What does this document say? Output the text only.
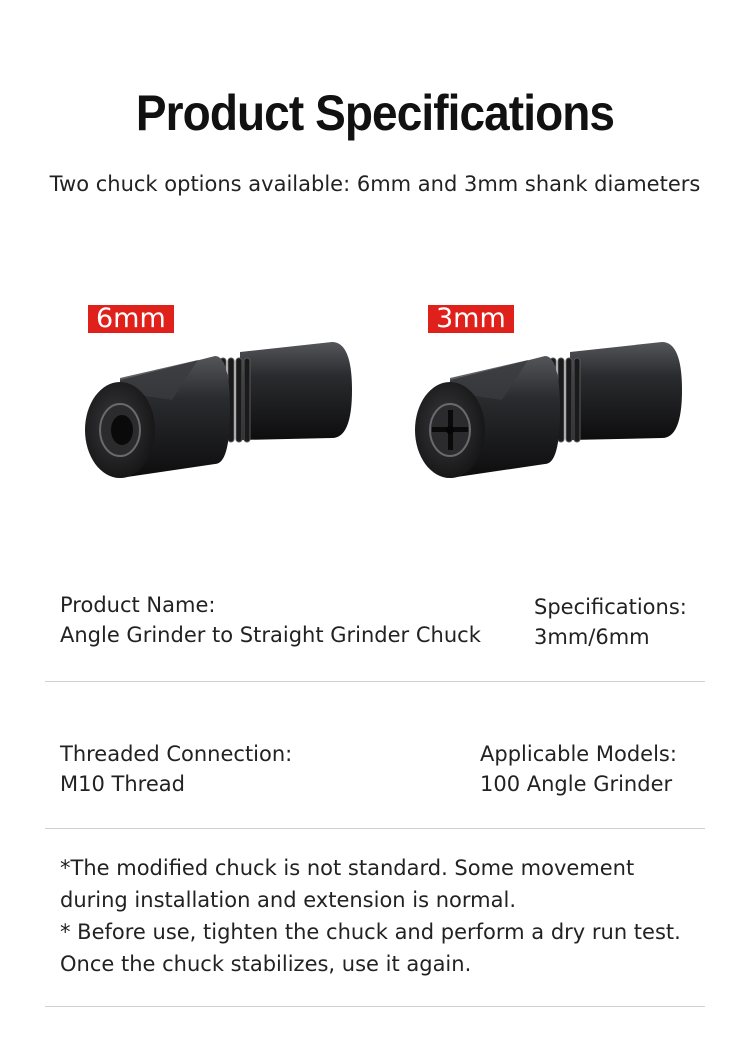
Product Specifications
Two chuck options available: 6mm and 3mm shank diameters
6mm	3mm
Product Name:
Angle Grinder to Straight Grinder Chuck
Specifications:
3mm/6mm
Threaded Connection:
M10 Thread
Applicable Models:
100 Angle Grinder
*The modified chuck is not standard. Some movement during installation and extension is normal.
* Before use, tighten the chuck and perform a dry run test. Once the chuck stabilizes, use it again.
